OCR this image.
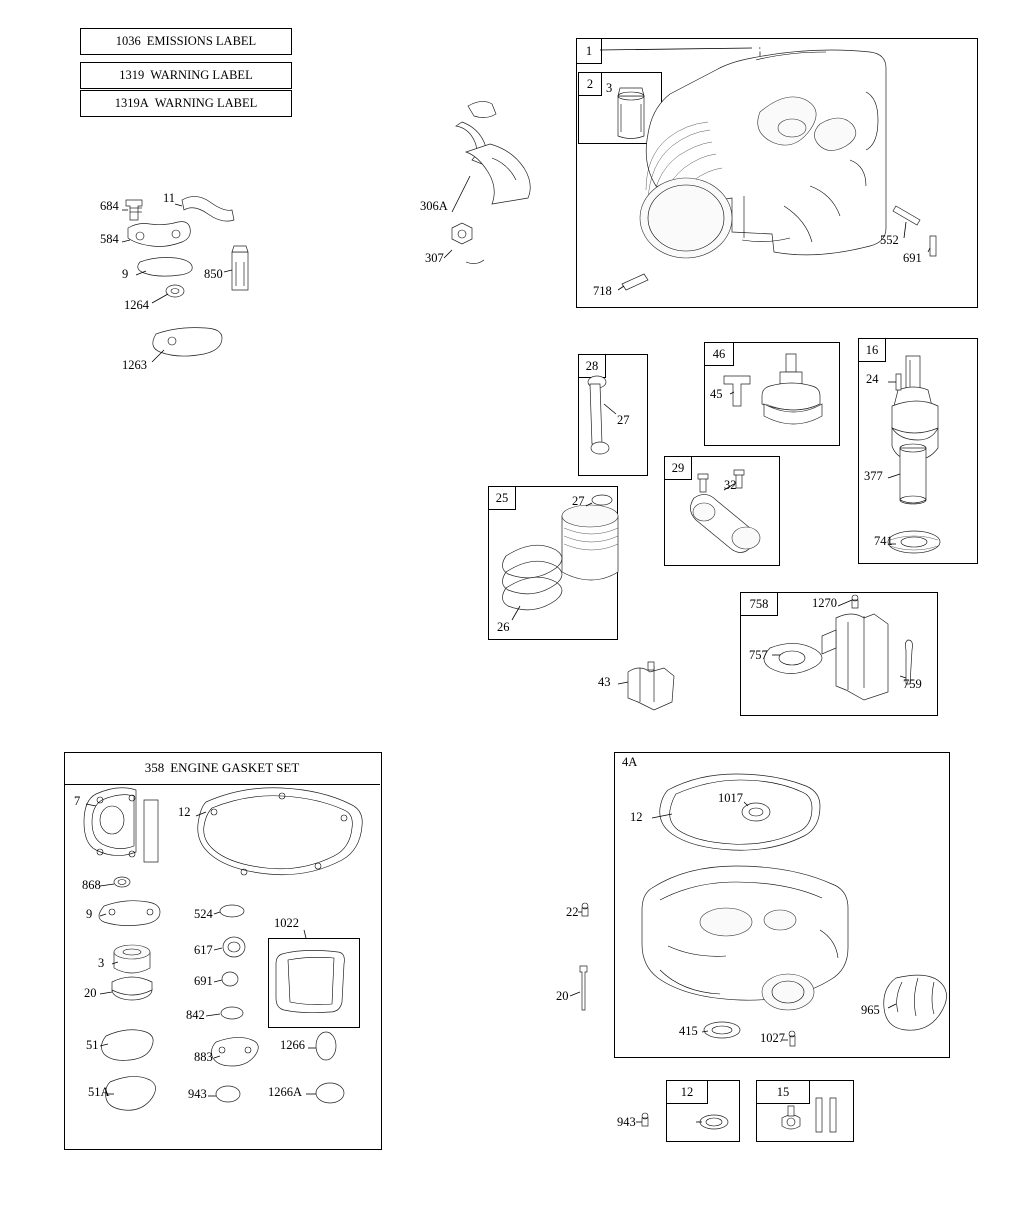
1036 EMISSIONS LABEL
1319 WARNING LABEL
1319A WARNING LABEL
1
2
28
46	16
25
29
758
12	15
358 ENGINE GASKET SET
684
11
584
9	850
1264
1263
306A
307
3
718
552
691
27
45
24
377
741
27
26
32
1270
757
759
43
4A
1017
12
22
20
415	1027
965
943
7
12
868
9	524
1022
617
3
691
20
842
51
883
1266
51A	943	1266A
